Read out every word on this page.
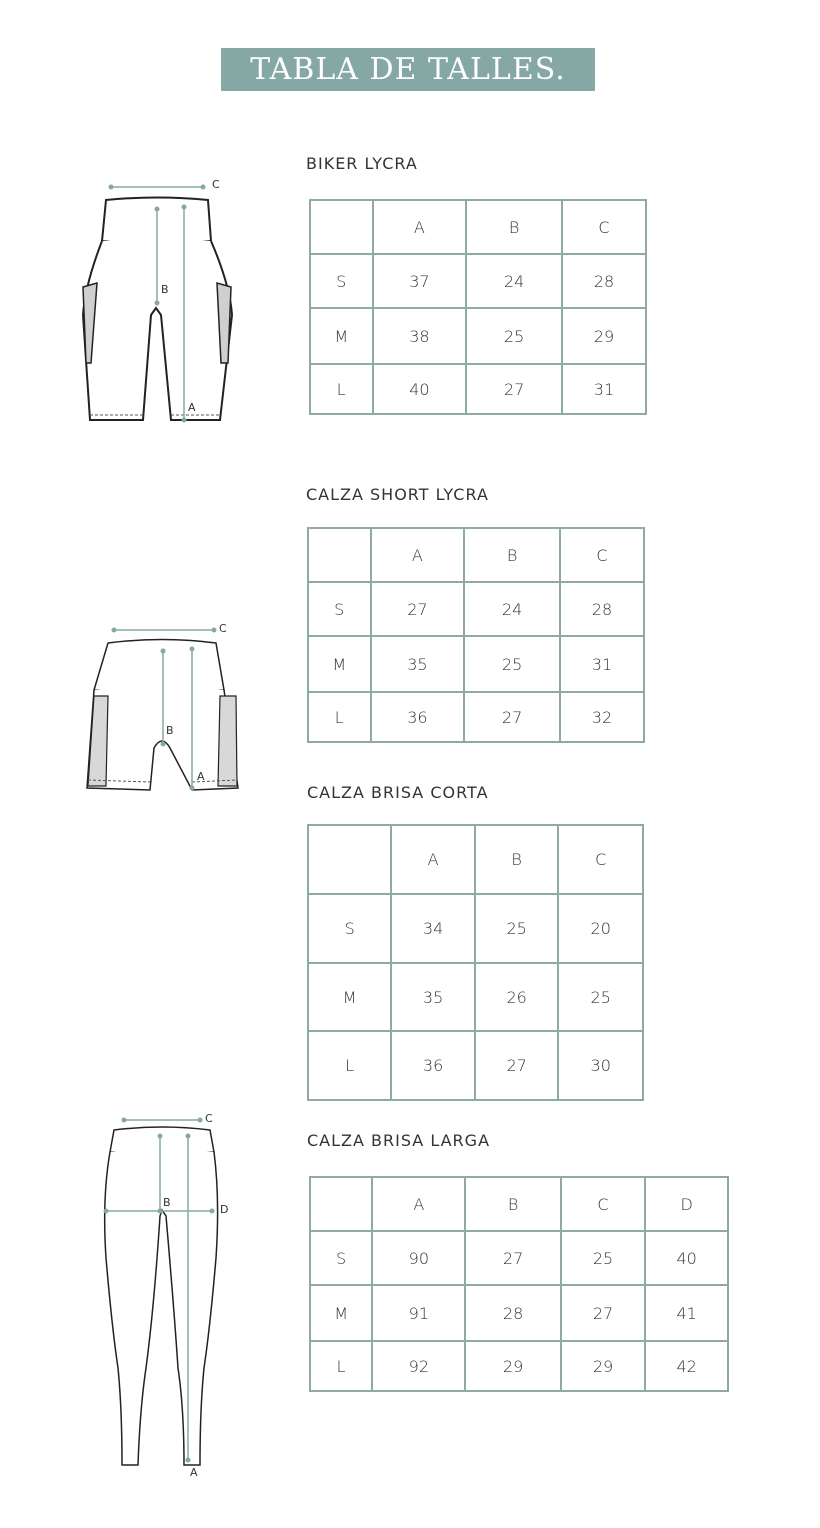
TABLA DE TALLES.
BIKER LYCRA
	A	B	C
S	37	24	28
M	38	25	29
L	40	27	31
C
B
A
CALZA SHORT LYCRA
	A	B	C
S	27	24	28
M	35	25	31
L	36	27	32
C
B
A
CALZA BRISA CORTA
	A	B	C
S	34	25	20
M	35	26	25
L	36	27	30
CALZA BRISA LARGA
	A	B	C	D
S	90	27	25	40
M	91	28	27	41
L	92	29	29	42
C
D
B
A
